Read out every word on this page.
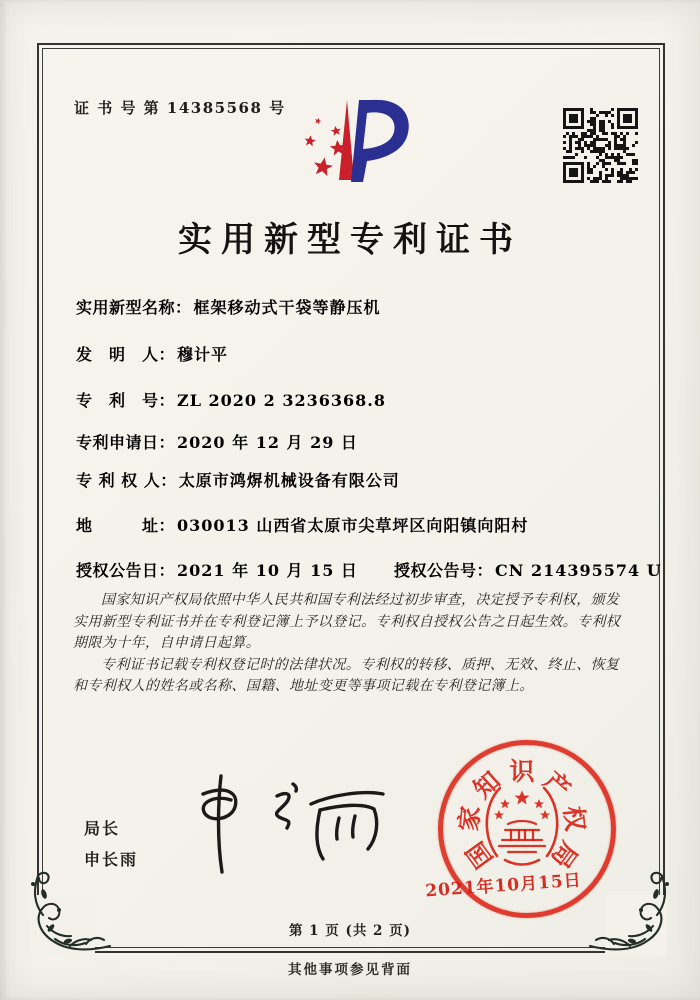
证 书 号 第 14385568 号
实用新型专利证书
实用新型名称： 框架移动式干袋等静压机
发　明　人： 穆计平
专　利　号： ZL 2020 2 3236368.8
专利申请日： 2020 年 12 月 29 日
专 利 权 人： 太原市鸿焺机械设备有限公司
地　　　址： 030013 山西省太原市尖草坪区向阳镇向阳村
授权公告日： 2021 年 10 月 15 日 授权公告号： CN 214395574 U

国家知识产权局依照中华人民共和国专利法经过初步审查，决定授予专利权，颁发实用新型专利证书并在专利登记簿上予以登记。专利权自授权公告之日起生效。专利权期限为十年，自申请日起算。

专利证书记载专利权登记时的法律状况。专利权的转移、质押、无效、终止、恢复和专利权人的姓名或名称、国籍、地址变更等事项记载在专利登记簿上。

局长
申长雨	国
家
知 识 产
权
局
2021年10月15日
第 1 页 (共 2 页)
其他事项参见背面
